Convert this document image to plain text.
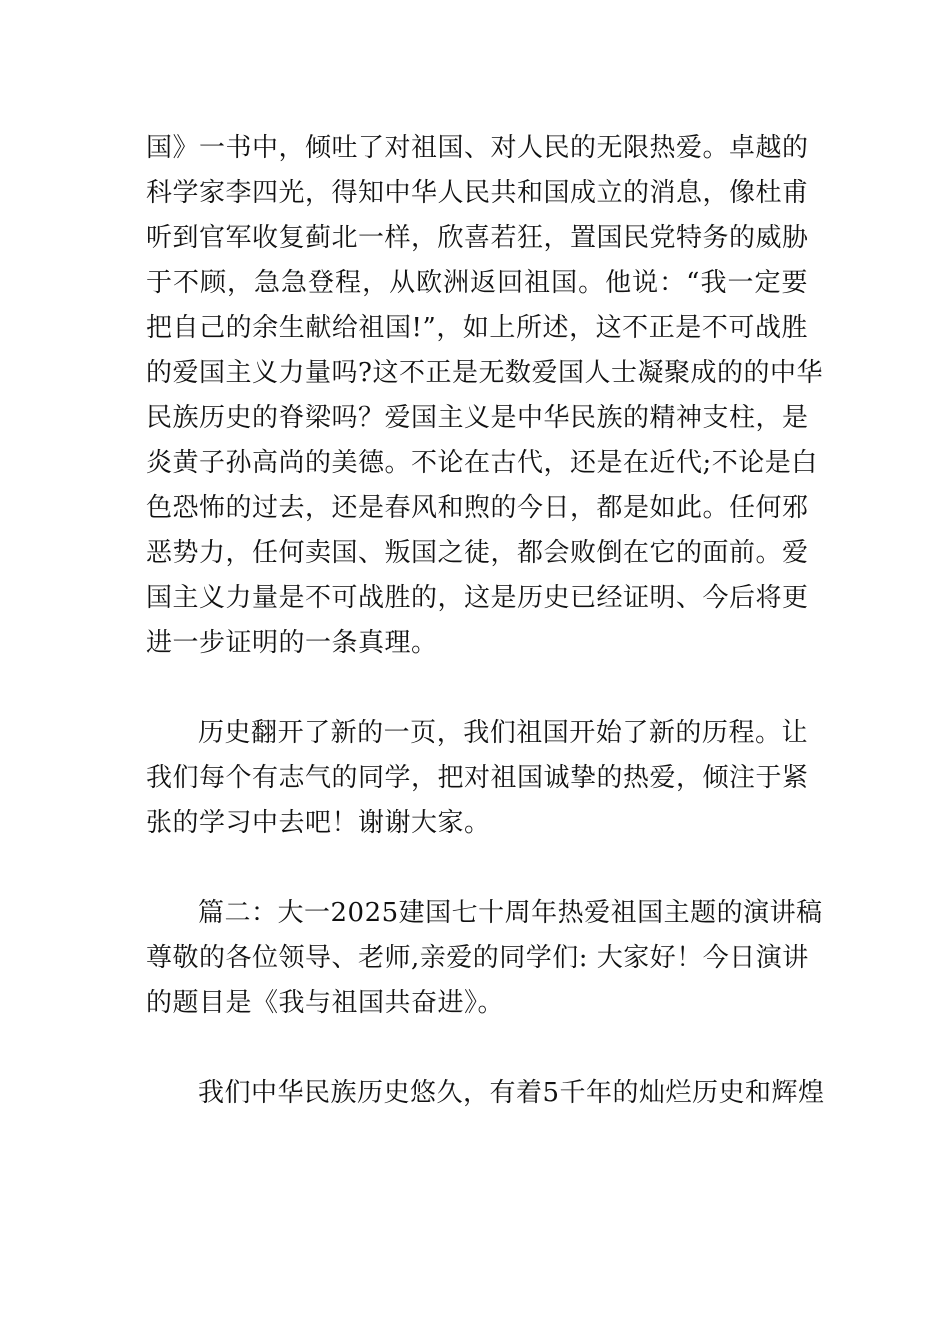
国》一书中，倾吐了对祖国、对人民的无限热爱。卓越的
科学家李四光，得知中华人民共和国成立的消息，像杜甫
听到官军收复蓟北一样，欣喜若狂，置国民党特务的威胁
于不顾，急急登程，从欧洲返回祖国。他说：“我一定要
把自己的余生献给祖国!”，如上所述，这不正是不可战胜
的爱国主义力量吗?这不正是无数爱国人士凝聚成的的中华
民族历史的脊梁吗？爱国主义是中华民族的精神支柱，是
炎黄子孙高尚的美德。不论在古代，还是在近代;不论是白
色恐怖的过去，还是春风和煦的今日，都是如此。任何邪
恶势力，任何卖国、叛国之徒，都会败倒在它的面前。爱
国主义力量是不可战胜的，这是历史已经证明、今后将更
进一步证明的一条真理。
历史翻开了新的一页，我们祖国开始了新的历程。让
我们每个有志气的同学，把对祖国诚挚的热爱，倾注于紧
张的学习中去吧！谢谢大家。
篇二：大一2025建国七十周年热爱祖国主题的演讲稿
尊敬的各位领导、老师,亲爱的同学们: 大家好！今日演讲
的题目是《我与祖国共奋进》。
我们中华民族历史悠久，有着5千年的灿烂历史和辉煌
